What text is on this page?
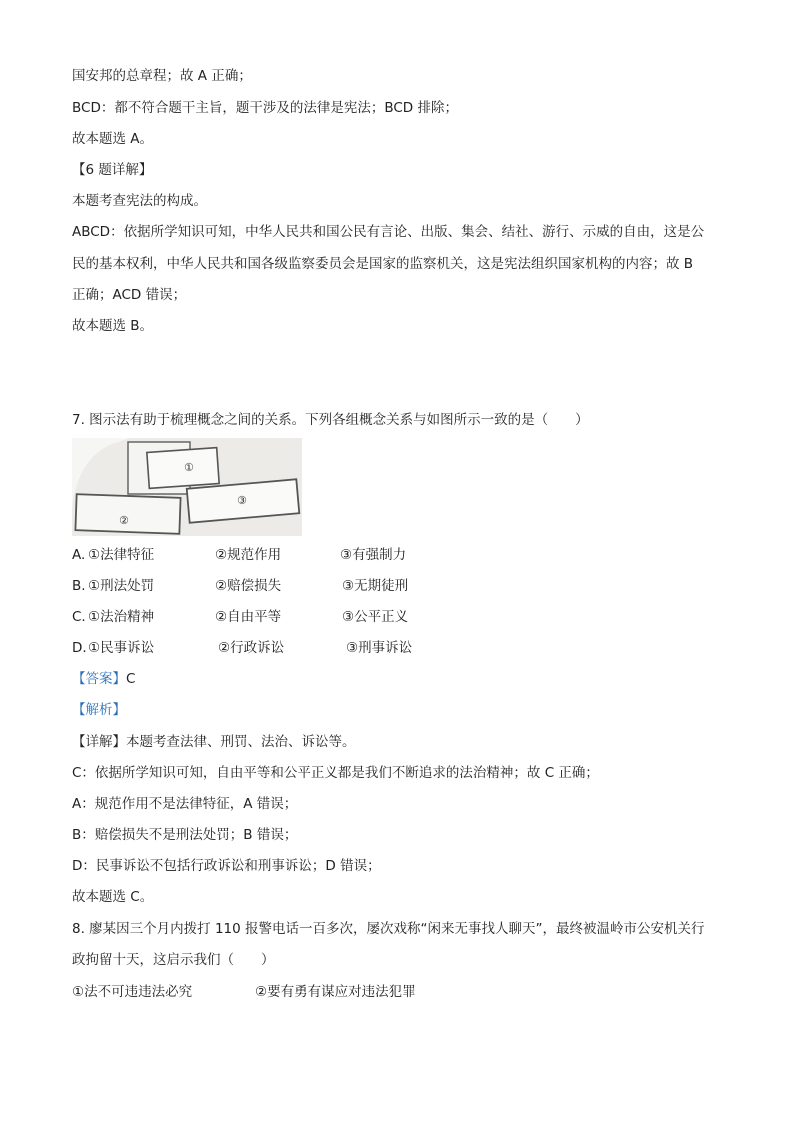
国安邦的总章程；故 A 正确；
BCD：都不符合题干主旨，题干涉及的法律是宪法；BCD 排除；
故本题选 A。
【6 题详解】
本题考查宪法的构成。
ABCD：依据所学知识可知，中华人民共和国公民有言论、出版、集会、结社、游行、示威的自由，这是公
民的基本权利，中华人民共和国各级监察委员会是国家的监察机关，这是宪法组织国家机构的内容；故 B
正确；ACD 错误；
故本题选 B。
7. 图示法有助于梳理概念之间的关系。下列各组概念关系与如图所示一致的是（　　）
①
②
③
A. ①法律特征	②规范作用	③有强制力
B. ①刑法处罚	②赔偿损失	③无期徒刑
C. ①法治精神	②自由平等	③公平正义
D. ①民事诉讼	②行政诉讼	③刑事诉讼
【答案】C
【解析】
【详解】本题考查法律、刑罚、法治、诉讼等。
C：依据所学知识可知，自由平等和公平正义都是我们不断追求的法治精神；故 C 正确；
A：规范作用不是法律特征，A 错误；
B：赔偿损失不是刑法处罚；B 错误；
D：民事诉讼不包括行政诉讼和刑事诉讼；D 错误；
故本题选 C。
8. 廖某因三个月内拨打 110 报警电话一百多次，屡次戏称“闲来无事找人聊天”，最终被温岭市公安机关行
政拘留十天，这启示我们（　　）
①法不可违违法必究	②要有勇有谋应对违法犯罪
